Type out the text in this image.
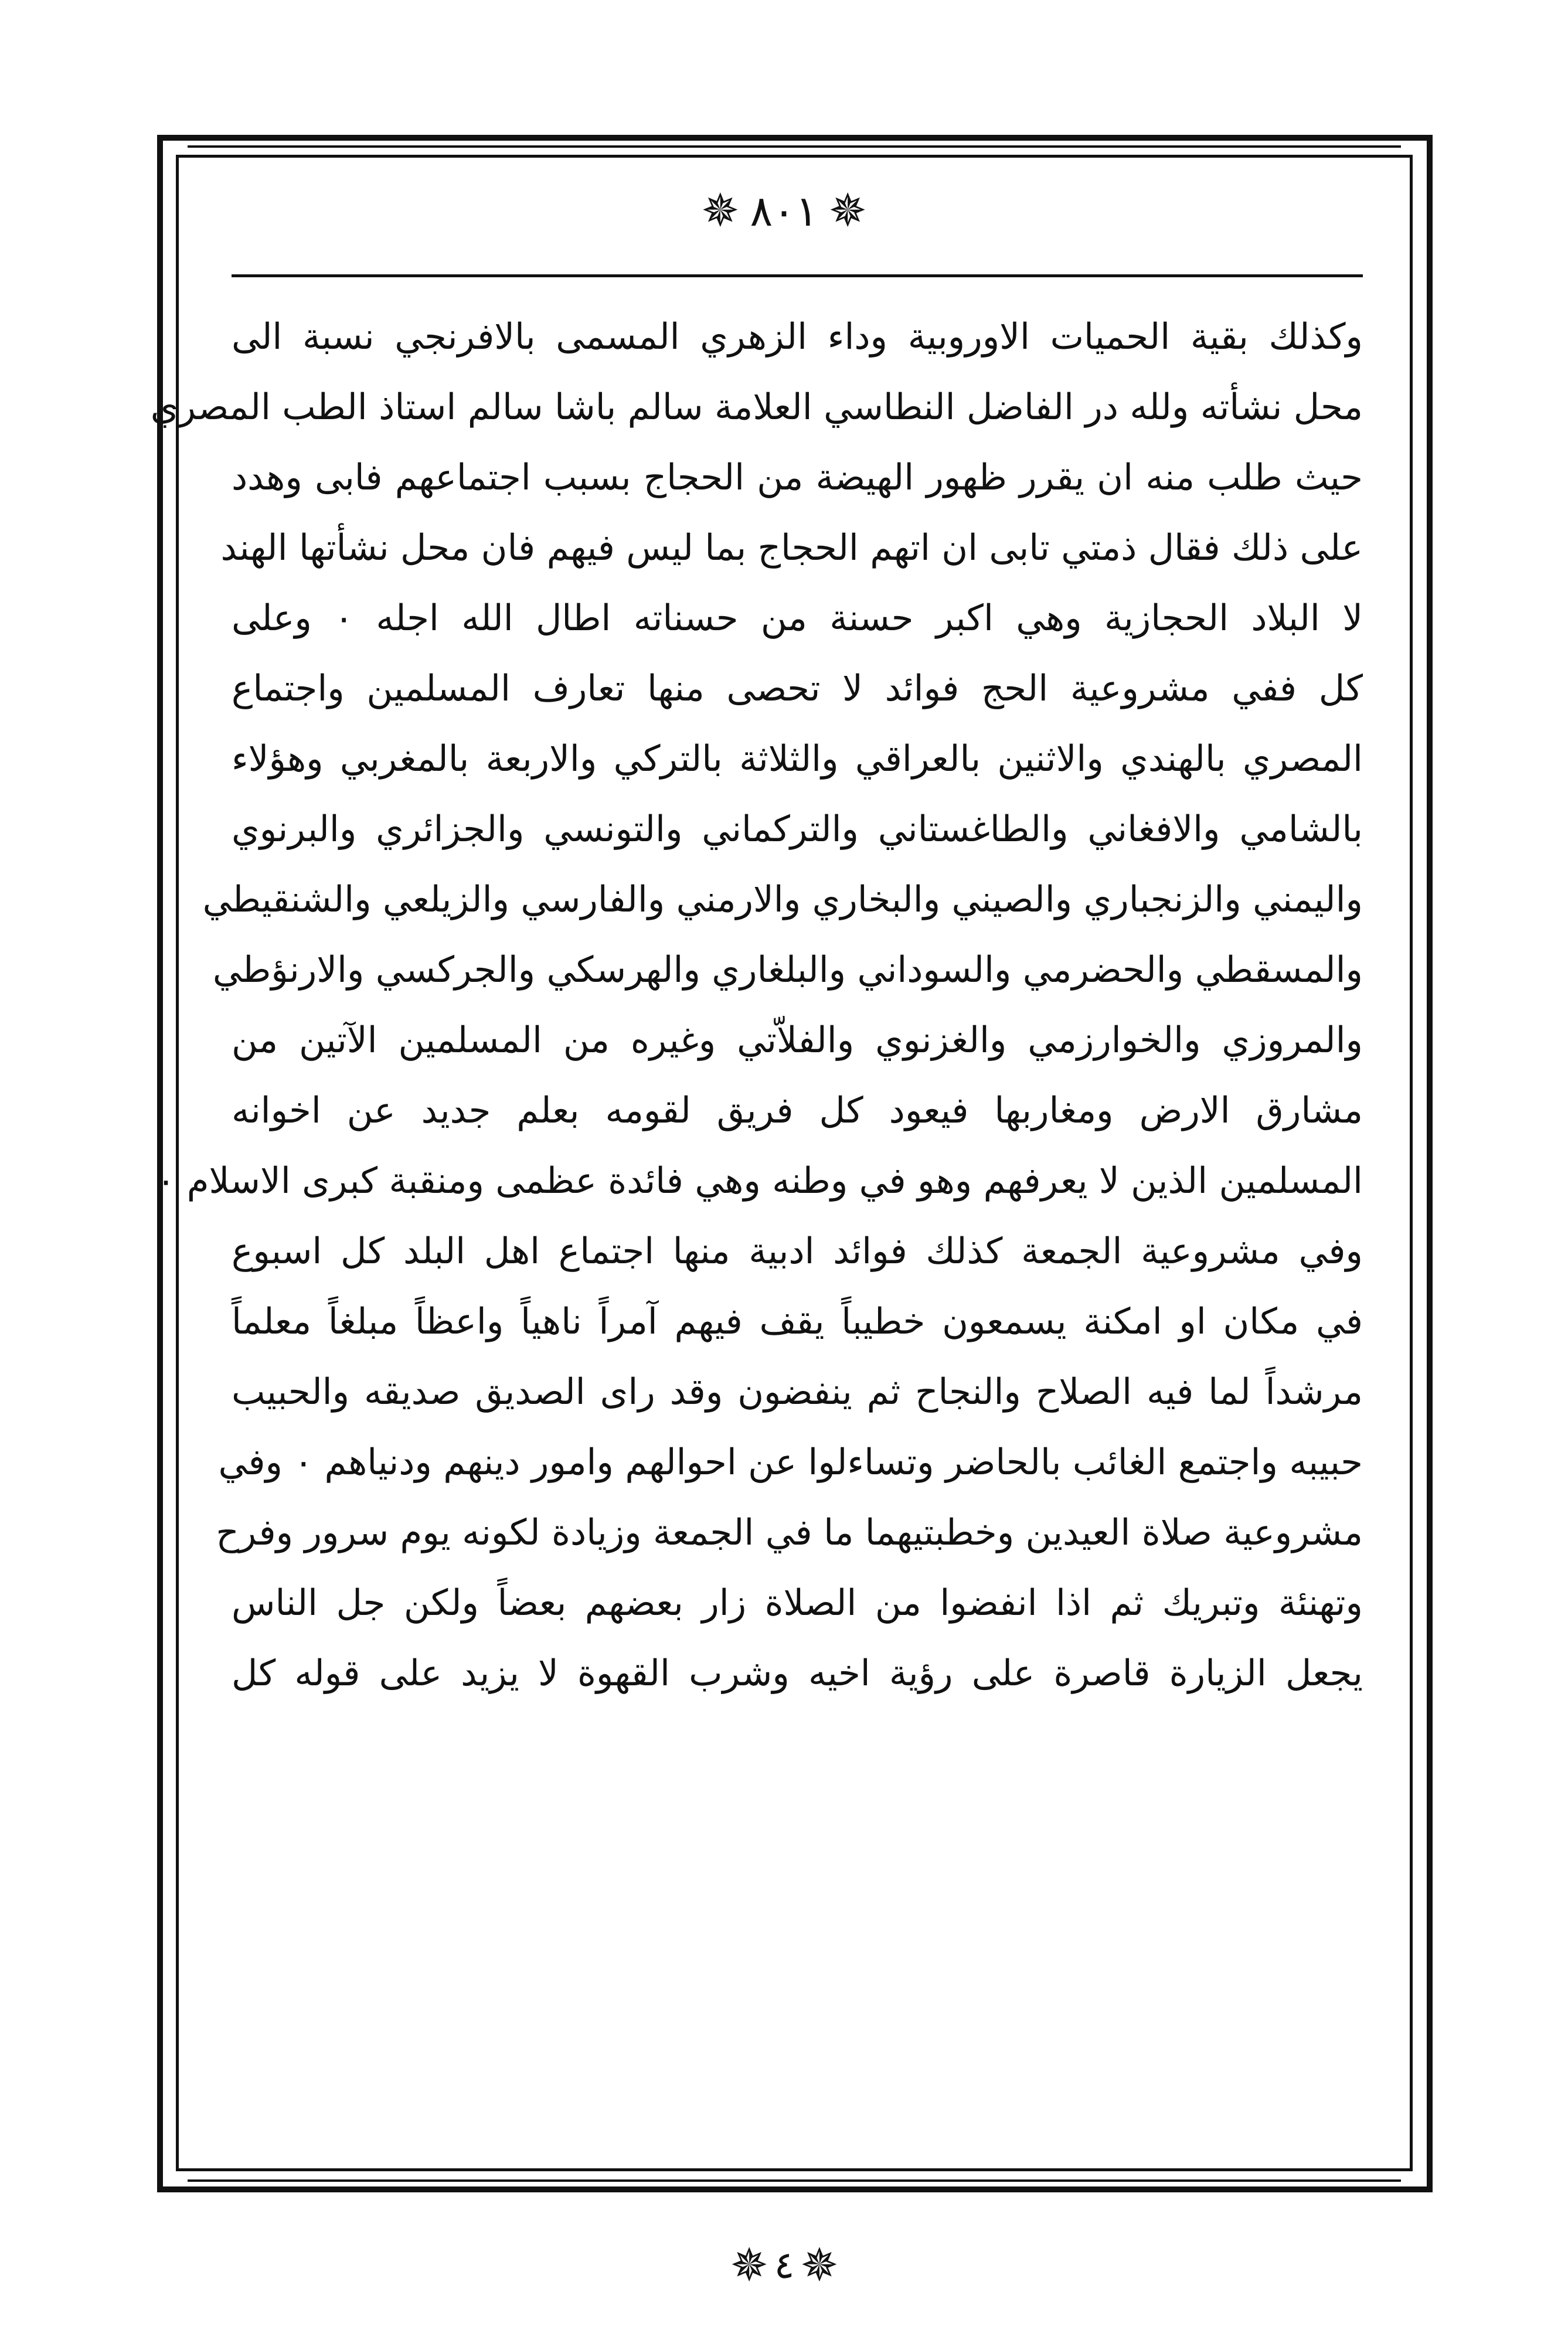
✵ ٨٠١ ✵
وكذلك بقية الحميات الاوروبية وداء الزهري المسمى بالافرنجي نسبة الى
محل نشأته ولله در الفاضل النطاسي العلامة سالم باشا سالم استاذ الطب المصري
حيث طلب منه ان يقرر ظهور الهيضة من الحجاج بسبب اجتماعهم فابى وهدد
على ذلك فقال ذمتي تابى ان اتهم الحجاج بما ليس فيهم فان محل نشأتها الهند
لا البلاد الحجازية وهي اكبر حسنة من حسناته اطال الله اجله ٠ وعلى
كل ففي مشروعية الحج فوائد لا تحصى منها تعارف المسلمين واجتماع
المصري بالهندي والاثنين بالعراقي والثلاثة بالتركي والاربعة بالمغربي وهؤلاء
بالشامي والافغاني والطاغستاني والتركماني والتونسي والجزائري والبرنوي
واليمني والزنجباري والصيني والبخاري والارمني والفارسي والزيلعي والشنقيطي
والمسقطي والحضرمي والسوداني والبلغاري والهرسكي والجركسي والارنؤطي
والمروزي والخوارزمي والغزنوي والفلاّتي وغيره من المسلمين الآتين من
مشارق الارض ومغاربها فيعود كل فريق لقومه بعلم جديد عن اخوانه
المسلمين الذين لا يعرفهم وهو في وطنه وهي فائدة عظمى ومنقبة كبرى الاسلام ٠
وفي مشروعية الجمعة كذلك فوائد ادبية منها اجتماع اهل البلد كل اسبوع
في مكان او امكنة يسمعون خطيباً يقف فيهم آمراً ناهياً واعظاً مبلغاً معلماً
مرشداً لما فيه الصلاح والنجاح ثم ينفضون وقد راى الصديق صديقه والحبيب
حبيبه واجتمع الغائب بالحاضر وتساءلوا عن احوالهم وامور دينهم ودنياهم ٠ وفي
مشروعية صلاة العيدين وخطبتيهما ما في الجمعة وزيادة لكونه يوم سرور وفرح
وتهنئة وتبريك ثم اذا انفضوا من الصلاة زار بعضهم بعضاً ولكن جل الناس
يجعل الزيارة قاصرة على رؤية اخيه وشرب القهوة لا يزيد على قوله كل
✵ ٤ ✵
